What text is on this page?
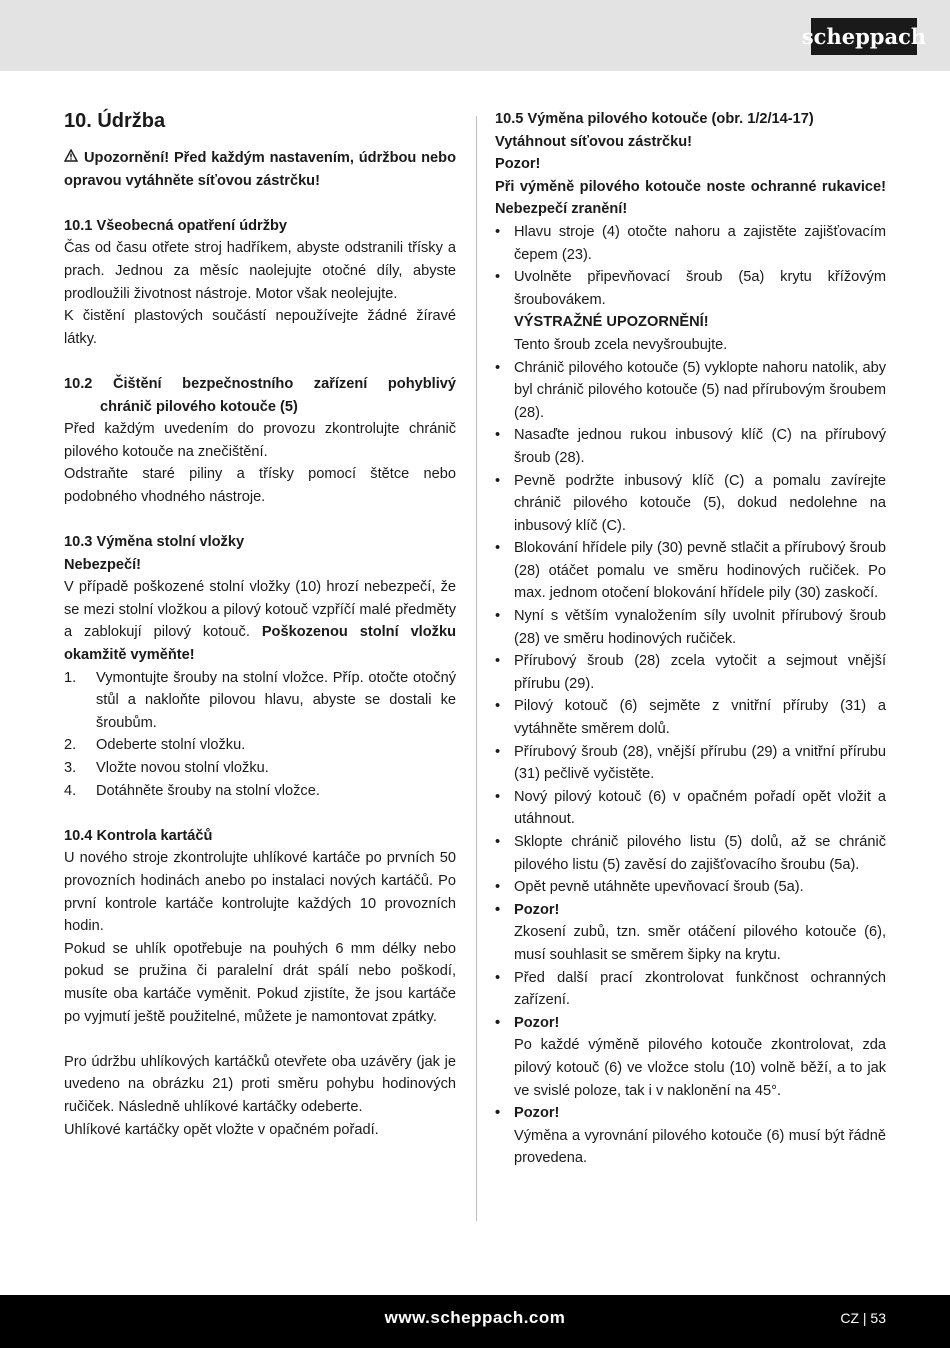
scheppach
10. Údržba

Upozornění! Před každým nastavením, údržbou nebo opravou vytáhněte síťovou zástrčku!

10.1 Všeobecná opatření údržby

Čas od času otřete stroj hadříkem, abyste odstranili třísky a prach. Jednou za měsíc naolejujte otočné díly, abyste prodloužili životnost nástroje. Motor však neolejujte.

K čistění plastových součástí nepoužívejte žádné žíravé látky.

10.2 Čištění bezpečnostního zařízení pohyblivý

chránič pilového kotouče (5)

Před každým uvedením do provozu zkontrolujte chránič pilového kotouče na znečištění.

Odstraňte staré piliny a třísky pomocí štětce nebo podobného vhodného nástroje.

10.3 Výměna stolní vložky

Nebezpečí!

V případě poškozené stolní vložky (10) hrozí nebezpečí, že se mezi stolní vložkou a pilový kotouč vzpříčí malé předměty a zablokují pilový kotouč. Poškozenou stolní vložku okamžitě vyměňte!

1. Vymontujte šrouby na stolní vložce. Příp. otočte otočný stůl a nakloňte pilovou hlavu, abyste se dostali ke šroubům.
2. Odeberte stolní vložku.
3. Vložte novou stolní vložku.
4. Dotáhněte šrouby na stolní vložce.

10.4 Kontrola kartáčů

U nového stroje zkontrolujte uhlíkové kartáče po prvních 50 provozních hodinách anebo po instalaci nových kartáčů. Po první kontrole kartáče kontrolujte každých 10 provozních hodin.

Pokud se uhlík opotřebuje na pouhých 6 mm délky nebo pokud se pružina či paralelní drát spálí nebo poškodí, musíte oba kartáče vyměnit. Pokud zjistíte, že jsou kartáče po vyjmutí ještě použitelné, můžete je namontovat zpátky.

Pro údržbu uhlíkových kartáčků otevřete oba uzávěry (jak je uvedeno na obrázku 21) proti směru pohybu hodinových ručiček. Následně uhlíkové kartáčky odeberte.

Uhlíkové kartáčky opět vložte v opačném pořadí.

10.5 Výměna pilového kotouče (obr. 1/2/14-17)

Vytáhnout síťovou zástrčku!

Pozor!

Při výměně pilového kotouče noste ochranné rukavice! Nebezpečí zranění!

• Hlavu stroje (4) otočte nahoru a zajistěte zajišťovacím čepem (23).
• Uvolněte připevňovací šroub (5a) krytu křížovým šroubovákem.
VÝSTRAŽNÉ UPOZORNĚNÍ!
Tento šroub zcela nevyšroubujte.
• Chránič pilového kotouče (5) vyklopte nahoru natolik, aby byl chránič pilového kotouče (5) nad přírubovým šroubem (28).
• Nasaďte jednou rukou inbusový klíč (C) na přírubový šroub (28).
• Pevně podržte inbusový klíč (C) a pomalu zavírejte chránič pilového kotouče (5), dokud nedolehne na inbusový klíč (C).
• Blokování hřídele pily (30) pevně stlačit a přírubový šroub (28) otáčet pomalu ve směru hodinových ručiček. Po max. jednom otočení blokování hřídele pily (30) zaskočí.
• Nyní s větším vynaložením síly uvolnit přírubový šroub (28) ve směru hodinových ručiček.
• Přírubový šroub (28) zcela vytočit a sejmout vnější přírubu (29).
• Pilový kotouč (6) sejměte z vnitřní příruby (31) a vytáhněte směrem dolů.
• Přírubový šroub (28), vnější přírubu (29) a vnitřní přírubu (31) pečlivě vyčistěte.
• Nový pilový kotouč (6) v opačném pořadí opět vložit a utáhnout.
• Sklopte chránič pilového listu (5) dolů, až se chránič pilového listu (5) zavěsí do zajišťovacího šroubu (5a).
• Opět pevně utáhněte upevňovací šroub (5a).
• Pozor!
Zkosení zubů, tzn. směr otáčení pilového kotouče (6), musí souhlasit se směrem šipky na krytu.
• Před další prací zkontrolovat funkčnost ochranných zařízení.
• Pozor!
Po každé výměně pilového kotouče zkontrolovat, zda pilový kotouč (6) ve vložce stolu (10) volně běží, a to jak ve svislé poloze, tak i v naklonění na 45°.
• Pozor!
Výměna a vyrovnání pilového kotouče (6) musí být řádně provedena.
www.scheppach.com	CZ | 53
